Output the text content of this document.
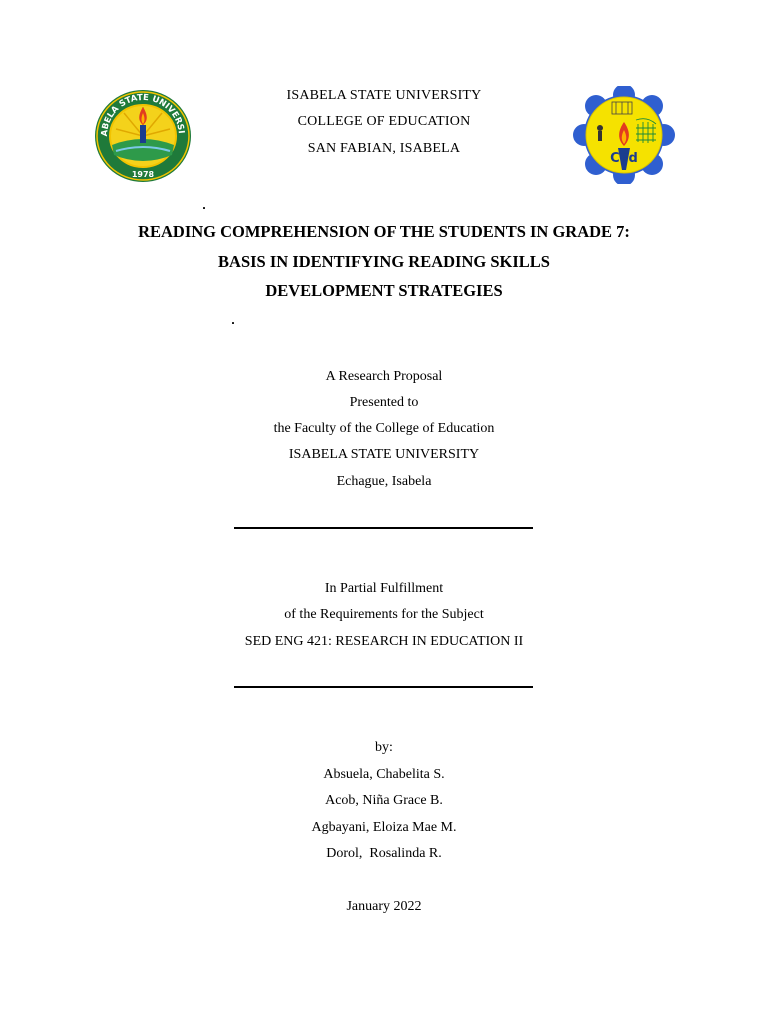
ABELA STATE UNIVERSI
1978
CEd
ISABELA STATE UNIVERSITY
COLLEGE OF EDUCATION
SAN FABIAN, ISABELA
READING COMPREHENSION OF THE STUDENTS IN GRADE 7:
BASIS IN IDENTIFYING READING SKILLS
DEVELOPMENT STRATEGIES
A Research Proposal
Presented to
the Faculty of the College of Education
ISABELA STATE UNIVERSITY
Echague, Isabela
In Partial Fulfillment
of the Requirements for the Subject
SED ENG 421: RESEARCH IN EDUCATION II
by:
Absuela, Chabelita S.
Acob, Niña Grace B.
Agbayani, Eloiza Mae M.
Dorol,  Rosalinda R.
January 2022
